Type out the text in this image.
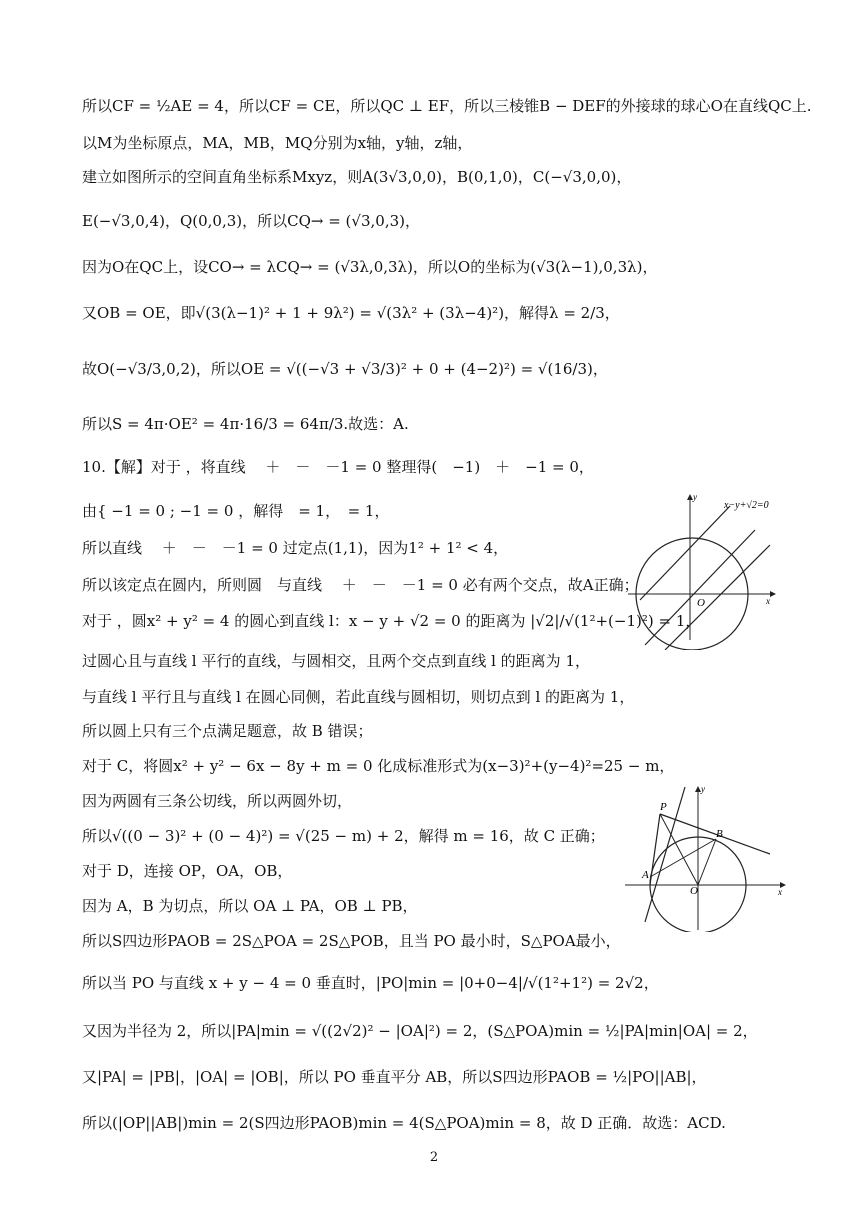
所以CF = ½AE = 4，所以CF = CE，所以QC ⊥ EF，所以三棱锥B − DEF的外接球的球心O在直线QC上.
以M为坐标原点，MA，MB，MQ分别为x轴，y轴，z轴，
建立如图所示的空间直角坐标系Mxyz，则A(3√3,0,0)，B(0,1,0)，C(−√3,0,0)，
E(−√3,0,4)，Q(0,0,3)，所以CQ→ = (√3,0,3)，
因为O在QC上，设CO→ = λCQ→ = (√3λ,0,3λ)，所以O的坐标为(√3(λ−1),0,3λ)，
又OB = OE，即√(3(λ−1)² + 1 + 9λ²) = √(3λ² + (3λ−4)²)，解得λ = 2/3，
故O(−√3/3,0,2)，所以OE = √((−√3 + √3/3)² + 0 + (4−2)²) = √(16/3)，
所以S = 4π·OE² = 4π·16/3 = 64π/3.故选：A.
10.【解】对于 ，将直线　 ＋　－　－1 = 0 整理得(　−1)　＋　−1 = 0，
由{ −1 = 0 ; −1 = 0 ，解得　= 1，　= 1，
所以直线　 ＋　－　－1 = 0 过定点(1,1)，因为1² + 1² < 4，
所以该定点在圆内，所则圆　与直线　 ＋　－　－1 = 0 必有两个交点，故A正确；
对于 ，圆x² + y² = 4 的圆心到直线 l：x − y + √2 = 0 的距离为 |√2|/√(1²+(−1)²) = 1，
过圆心且与直线 l 平行的直线，与圆相交，且两个交点到直线 l 的距离为 1，
与直线 l 平行且与直线 l 在圆心同侧，若此直线与圆相切，则切点到 l 的距离为 1，
所以圆上只有三个点满足题意，故 B 错误；
对于 C，将圆x² + y² − 6x − 8y + m = 0 化成标准形式为(x−3)²+(y−4)²=25 − m，
因为两圆有三条公切线，所以两圆外切，
所以√((0 − 3)² + (0 − 4)²) = √(25 − m) + 2，解得 m = 16，故 C 正确；
对于 D，连接 OP，OA，OB，
因为 A，B 为切点，所以 OA ⊥ PA，OB ⊥ PB，
所以S四边形PAOB = 2S△POA = 2S△POB，且当 PO 最小时，S△POA最小，
所以当 PO 与直线 x + y − 4 = 0 垂直时，|PO|min = |0+0−4|/√(1²+1²) = 2√2，
又因为半径为 2，所以|PA|min = √((2√2)² − |OA|²) = 2，(S△POA)min = ½|PA|min|OA| = 2，
又|PA| = |PB|，|OA| = |OB|，所以 PO 垂直平分 AB，所以S四边形PAOB = ½|PO||AB|，
所以(|OP||AB|)min = 2(S四边形PAOB)min = 4(S△POA)min = 8，故 D 正确．故选：ACD.
x−y+√2=0
y
x
O
P
B
A
O
y
x
2
